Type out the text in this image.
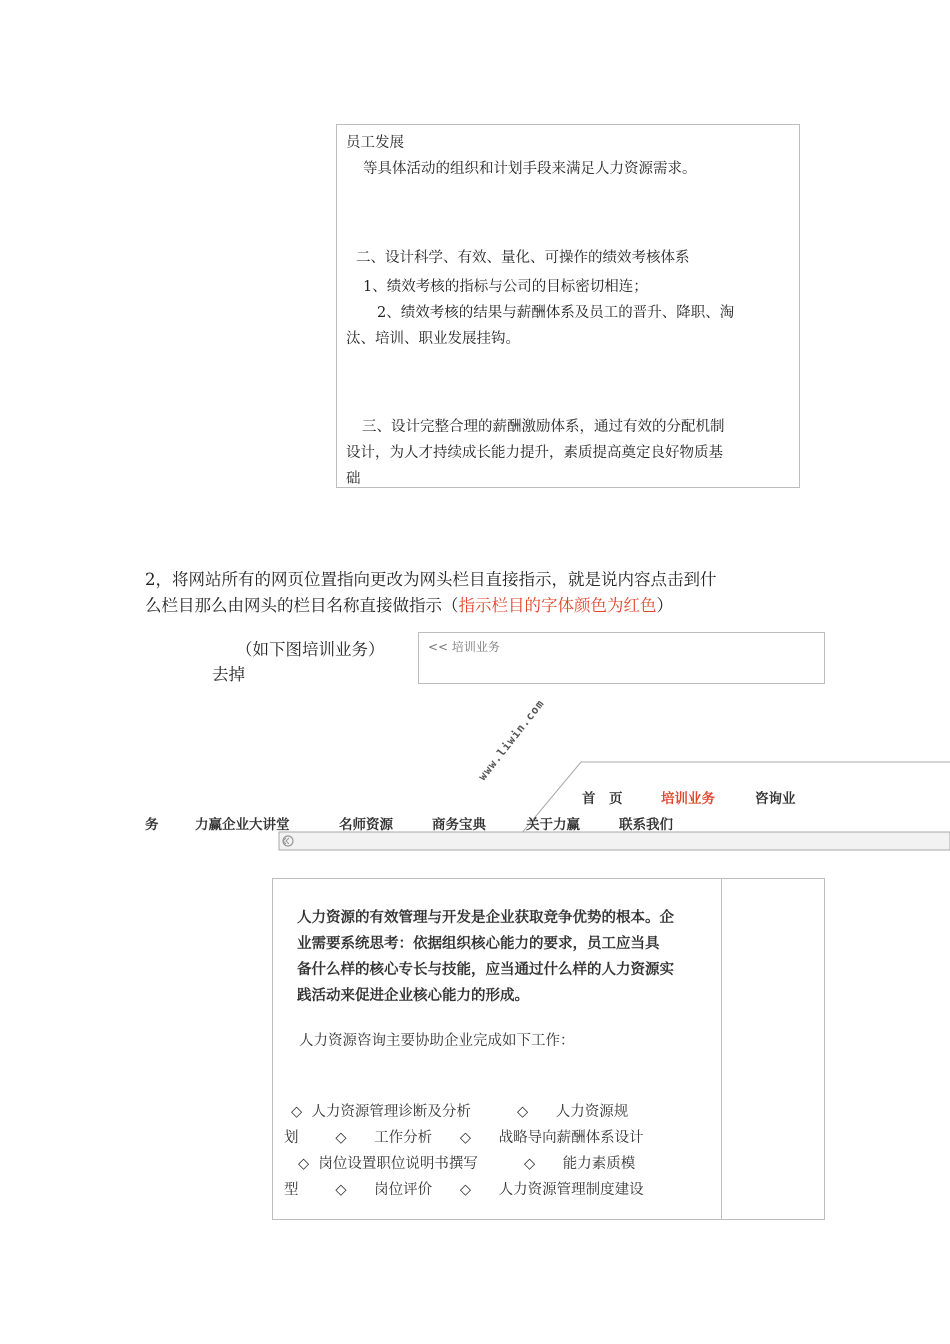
员工发展
等具体活动的组织和计划手段来满足人力资源需求。
二、设计科学、有效、量化、可操作的绩效考核体系
1、绩效考核的指标与公司的目标密切相连；
2、绩效考核的结果与薪酬体系及员工的晋升、降职、淘
汰、培训、职业发展挂钩。
三、设计完整合理的薪酬激励体系，通过有效的分配机制
设计，为人才持续成长能力提升，素质提高奠定良好物质基
础
2，将网站所有的网页位置指向更改为网头栏目直接指示，就是说内容点击到什
么栏目那么由网头的栏目名称直接做指示（指示栏目的字体颜色为红色）
（如下图培训业务）
去掉
<< 培训业务
www.liwin.com
首　页	培训业务	咨询业
务	力赢企业大讲堂	名师资源	商务宝典	关于力赢	联系我们
人力资源的有效管理与开发是企业获取竞争优势的根本。企
业需要系统思考：依据组织核心能力的要求，员工应当具
备什么样的核心专长与技能，应当通过什么样的人力资源实
践活动来促进企业核心能力的形成。
人力资源咨询主要协助企业完成如下工作：
◇  人力资源管理诊断及分析          ◇      人力资源规
划        ◇      工作分析      ◇      战略导向薪酬体系设计
◇  岗位设置职位说明书撰写          ◇      能力素质模
型        ◇      岗位评价      ◇      人力资源管理制度建设
